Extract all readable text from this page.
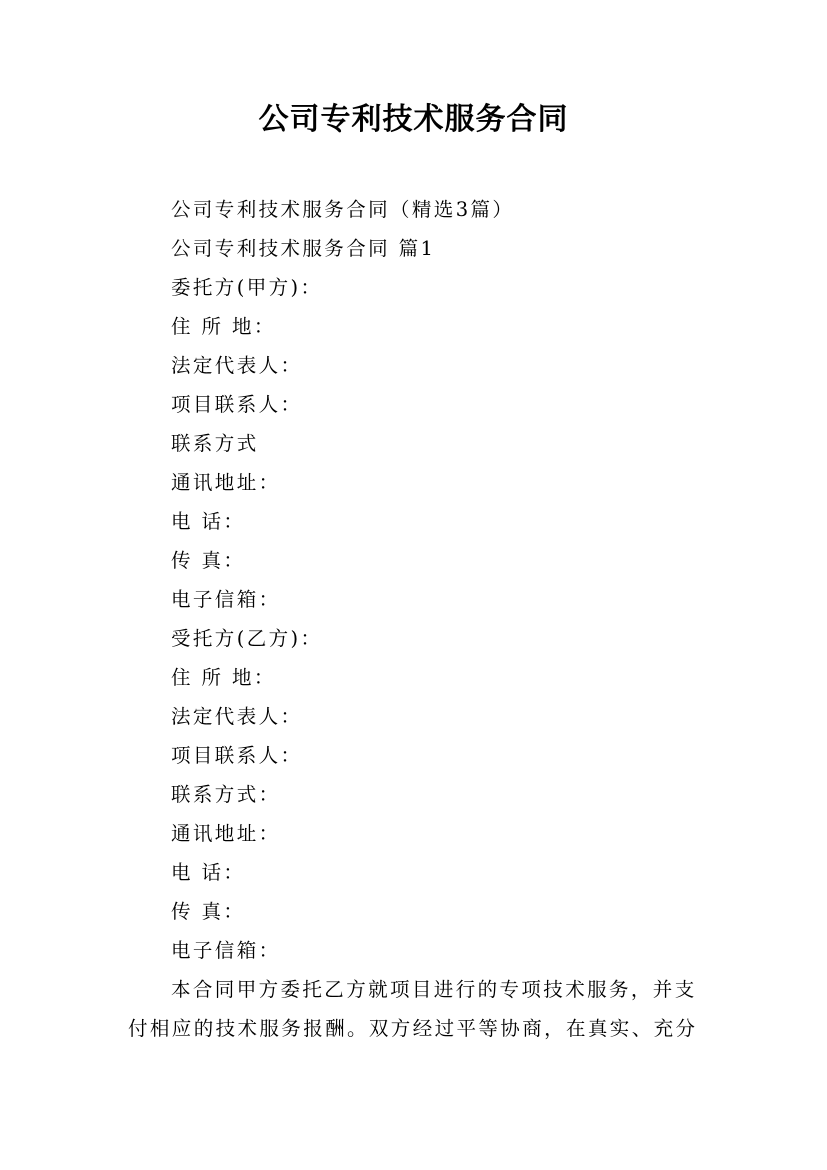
公司专利技术服务合同
公司专利技术服务合同（精选3篇）
公司专利技术服务合同 篇1
委托方(甲方)：
住 所 地：
法定代表人：
项目联系人：
联系方式
通讯地址：
电 话：
传 真：
电子信箱：
受托方(乙方)：
住 所 地：
法定代表人：
项目联系人：
联系方式：
通讯地址：
电 话：
传 真：
电子信箱：
本合同甲方委托乙方就项目进行的专项技术服务，并支
付相应的技术服务报酬。双方经过平等协商，在真实、充分
